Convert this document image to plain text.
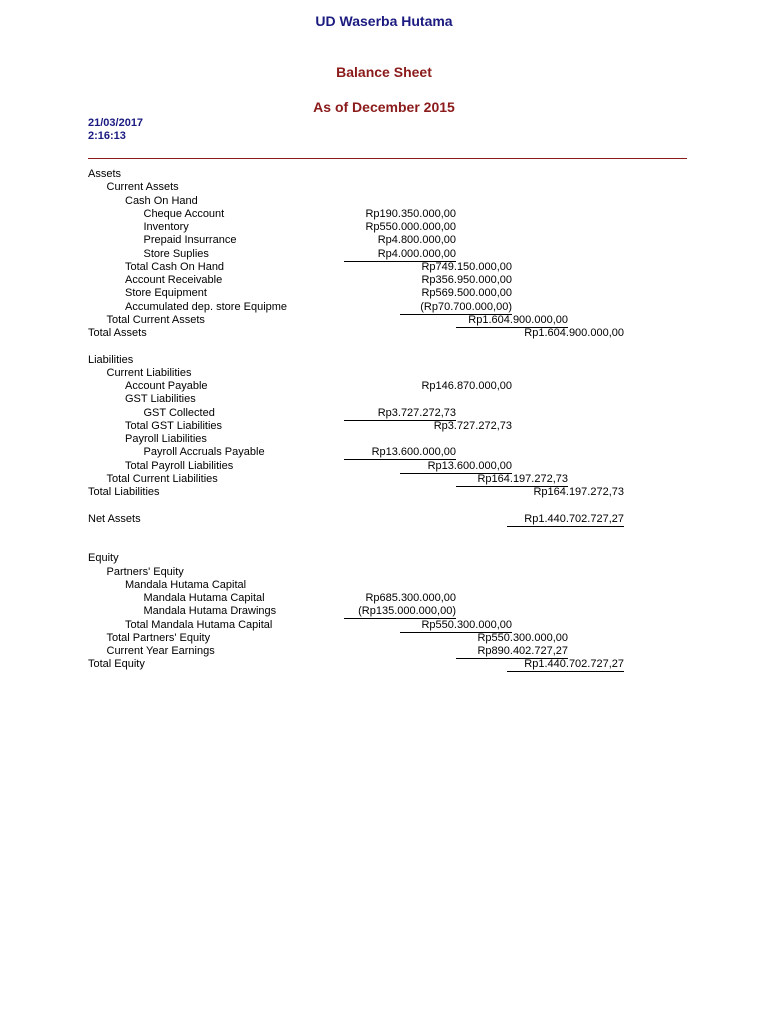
UD Waserba Hutama
Balance Sheet
As of December 2015
21/03/2017
2:16:13
Assets
Current Assets
Cash On Hand
Cheque Account	Rp190.350.000,00
Inventory	Rp550.000.000,00
Prepaid Insurrance	Rp4.800.000,00
Store Suplies	Rp4.000.000,00
Total Cash On Hand	Rp749.150.000,00
Account Receivable	Rp356.950.000,00
Store Equipment	Rp569.500.000,00
Accumulated dep. store Equipme	(Rp70.700.000,00)
Total Current Assets	Rp1.604.900.000,00
Total Assets	Rp1.604.900.000,00
Liabilities
Current Liabilities
Account Payable	Rp146.870.000,00
GST Liabilities
GST Collected	Rp3.727.272,73
Total GST Liabilities	Rp3.727.272,73
Payroll Liabilities
Payroll Accruals Payable	Rp13.600.000,00
Total Payroll Liabilities	Rp13.600.000,00
Total Current Liabilities	Rp164.197.272,73
Total Liabilities	Rp164.197.272,73
Net Assets	Rp1.440.702.727,27
Equity
Partners' Equity
Mandala Hutama Capital
Mandala Hutama Capital	Rp685.300.000,00
Mandala Hutama Drawings	(Rp135.000.000,00)
Total Mandala Hutama Capital	Rp550.300.000,00
Total Partners' Equity	Rp550.300.000,00
Current Year Earnings	Rp890.402.727,27
Total Equity	Rp1.440.702.727,27
